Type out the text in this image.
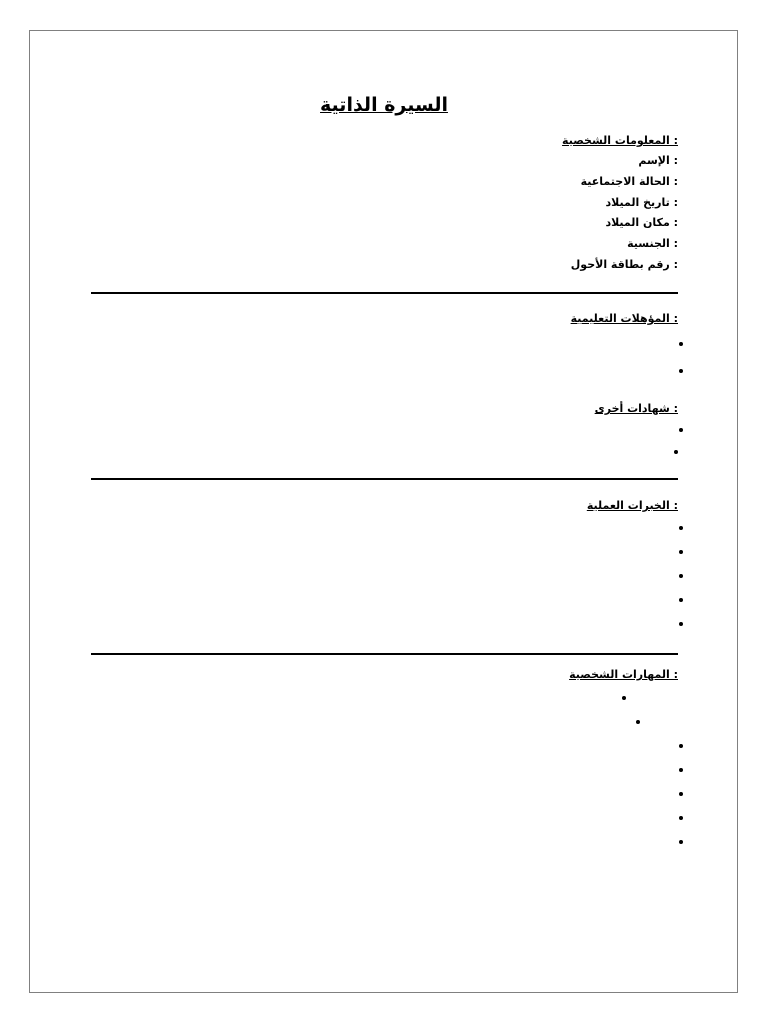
السيرة الذاتية
: المعلومات الشخصية
: الإسم
: الحالة الاجتماعية
: تاريخ الميلاد
: مكان الميلاد
: الجنسية
: رقم بطاقة الأحول
: المؤهلات التعليمية
: شهادات أخرى
: الخبرات العملية
: المهارات الشخصية
